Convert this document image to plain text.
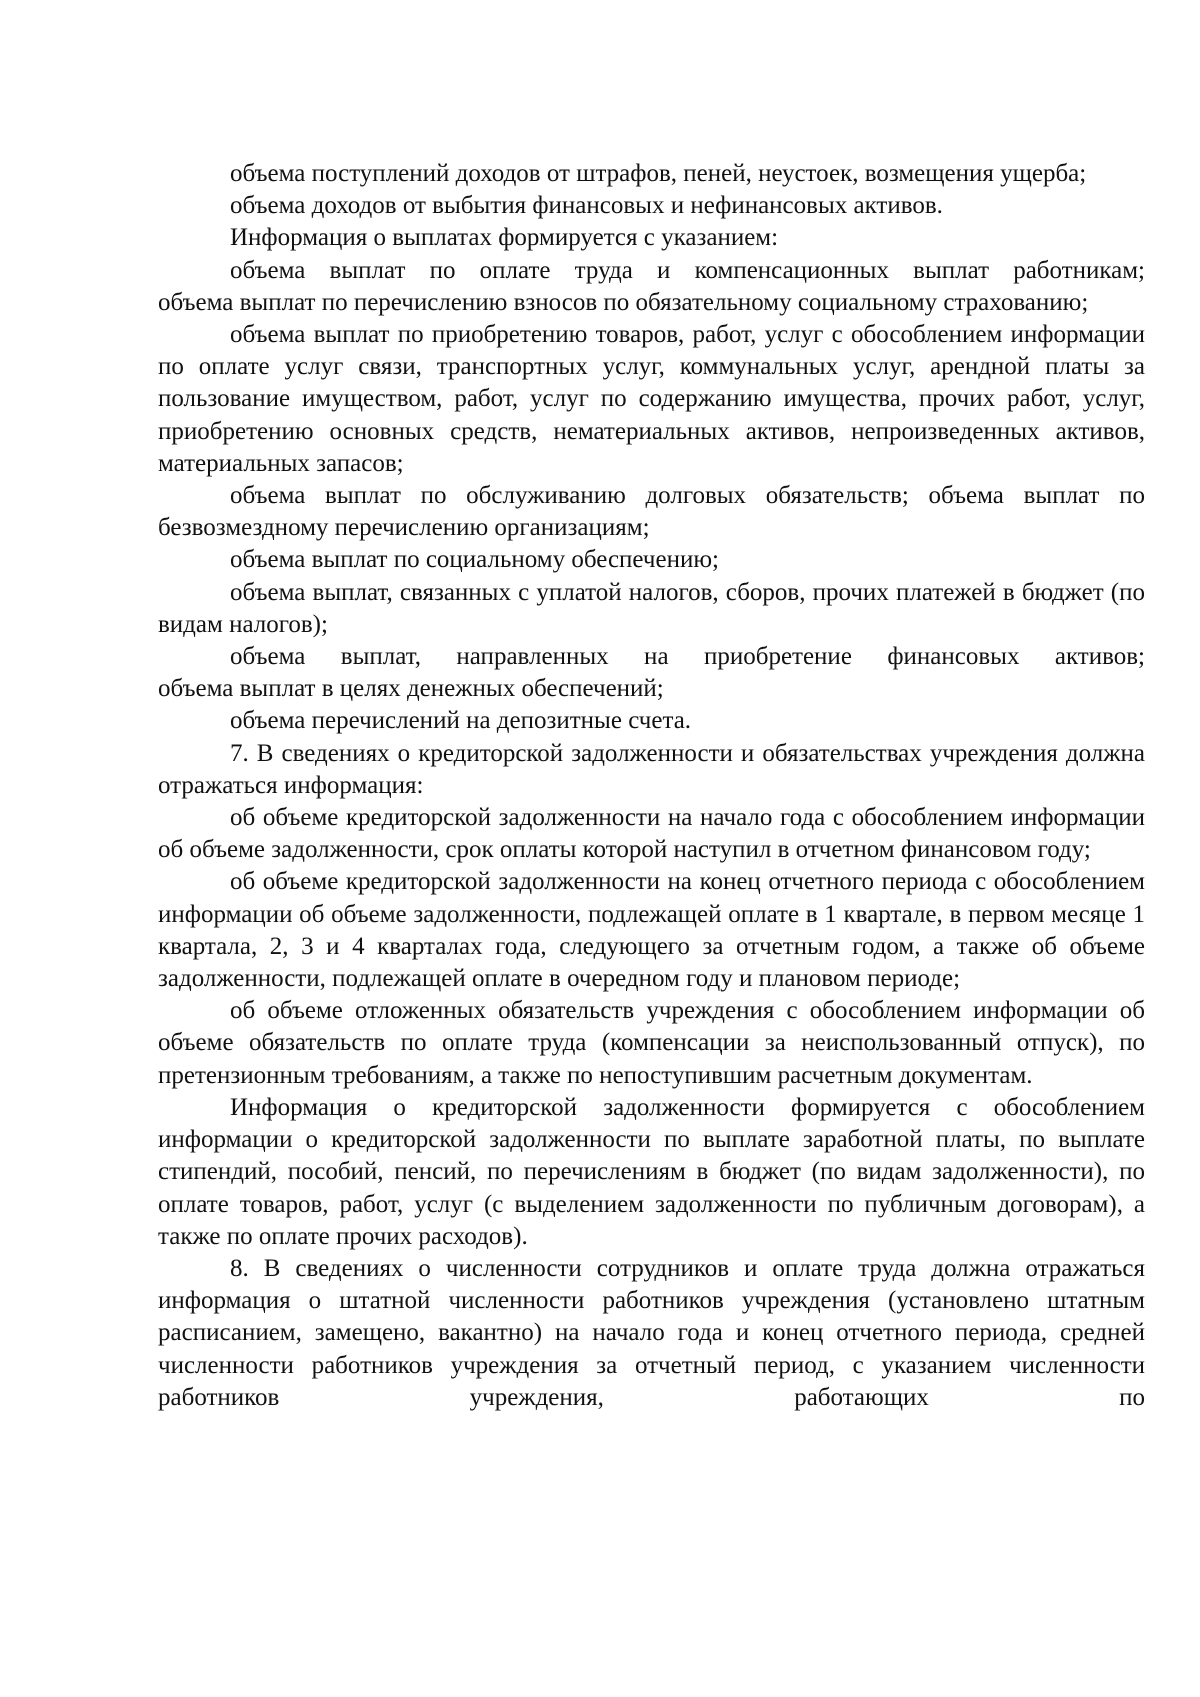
объема поступлений доходов от штрафов, пеней, неустоек, возмещения ущерба;

объема доходов от выбытия финансовых и нефинансовых активов.

Информация о выплатах формируется с указанием:

объема выплат по оплате труда и компенсационных выплат работникам;

объема выплат по перечислению взносов по обязательному социальному страхованию;

объема выплат по приобретению товаров, работ, услуг с обособлением информации по оплате услуг связи, транспортных услуг, коммунальных услуг, арендной платы за пользование имуществом, работ, услуг по содержанию имущества, прочих работ, услуг, приобретению основных средств, нематериальных активов, непроизведенных активов, материальных запасов;

объема выплат по обслуживанию долговых обязательств; объема выплат по

безвозмездному перечислению организациям;

объема выплат по социальному обеспечению;

объема выплат, связанных с уплатой налогов, сборов, прочих платежей в бюджет (по видам налогов);

объема выплат, направленных на приобретение финансовых активов;

объема выплат в целях денежных обеспечений;

объема перечислений на депозитные счета.

7. В сведениях о кредиторской задолженности и обязательствах учреждения должна отражаться информация:

об объеме кредиторской задолженности на начало года с обособлением информации об объеме задолженности, срок оплаты которой наступил в отчетном финансовом году;

об объеме кредиторской задолженности на конец отчетного периода с обособлением информации об объеме задолженности, подлежащей оплате в 1 квартале, в первом месяце 1 квартала, 2, 3 и 4 кварталах года, следующего за отчетным годом, а также об объеме задолженности, подлежащей оплате в очередном году и плановом периоде;

об объеме отложенных обязательств учреждения с обособлением информации об объеме обязательств по оплате труда (компенсации за неиспользованный отпуск), по претензионным требованиям, а также по непоступившим расчетным документам.

Информация о кредиторской задолженности формируется с обособлением информации о кредиторской задолженности по выплате заработной платы, по выплате стипендий, пособий, пенсий, по перечислениям в бюджет (по видам задолженности), по оплате товаров, работ, услуг (с выделением задолженности по публичным договорам), а также по оплате прочих расходов).

8. В сведениях о численности сотрудников и оплате труда должна отражаться информация о штатной численности работников учреждения (установлено штатным расписанием, замещено, вакантно) на начало года и конец отчетного периода, средней численности работников учреждения за отчетный период, с указанием численности работников учреждения, работающих по
